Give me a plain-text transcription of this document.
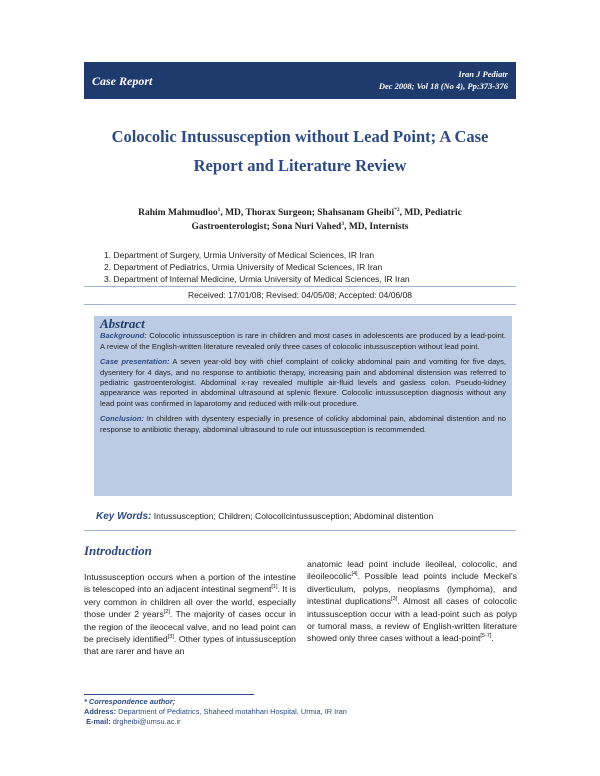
Case Report	Iran J Pediatr
Dec 2008; Vol 18 (No 4), Pp:373-376
Colocolic Intussusception without Lead Point; A Case
Report and Literature Review
Rahim Mahmudloo$^1$, MD, Thorax Surgeon; Shahsanam Gheibi$^{*2}$, MD, Pediatric
Gastroenterologist; Sona Nuri Vahed$^3$, MD, Internists
1. Department of Surgery, Urmia University of Medical Sciences, IR Iran
2. Department of Pediatrics, Urmia University of Medical Sciences, IR Iran
3. Department of Internal Medicine, Urmia University of Medical Sciences, IR Iran
Received: 17/01/08; Revised: 04/05/08; Accepted: 04/06/08
Abstract

Background: Colocolic intussusception is rare in children and most cases in adolescents are produced by a lead-point. A review of the English-written literature revealed only three cases of colocolic intussusception without lead point.

Case presentation: A seven year-old boy with chief complaint of colicky abdominal pain and vomiting for five days, dysentery for 4 days, and no response to antibiotic therapy, increasing pain and abdominal distension was referred to pediatric gastroenterologist. Abdominal x-ray revealed multiple air-fluid levels and gasless colon. Pseudo-kidney appearance was reported in abdominal ultrasound at splenic flexure. Colocolic intussusception diagnosis without any lead point was confirmed in laparotomy and reduced with milk-out procedure.

Conclusion: In children with dysentery especially in presence of colicky abdominal pain, abdominal distention and no response to antibiotic therapy, abdominal ultrasound to rule out intussusception is recommended.

Key Words: Intussusception; Children; Colocolicintussusception; Abdominal distention
Introduction
Intussusception occurs when a portion of the intestine is telescoped into an adjacent intestinal segment[1]. It is very common in children all over the world, especially those under 2 years[2]. The majority of cases occur in the region of the ileocecal valve, and no lead point can be precisely identified[3]. Other types of intussusception that are rarer and have an
anatomic lead point include ileoileal, colocolic, and ileoileocolic[4]. Possible lead points include Meckel's diverticulum, polyps, neoplasms (lymphoma), and intestinal duplications[3]. Almost all cases of colocolic intussusception occur with a lead-point such as polyp or tumoral mass, a review of English-written literature showed only three cases without a lead-point[5-7].
* Correspondence author;
Address: Department of Pediatrics, Shaheed motahhari Hospital, Urmia, IR Iran
E-mail: drgheibi@umsu.ac.ir
